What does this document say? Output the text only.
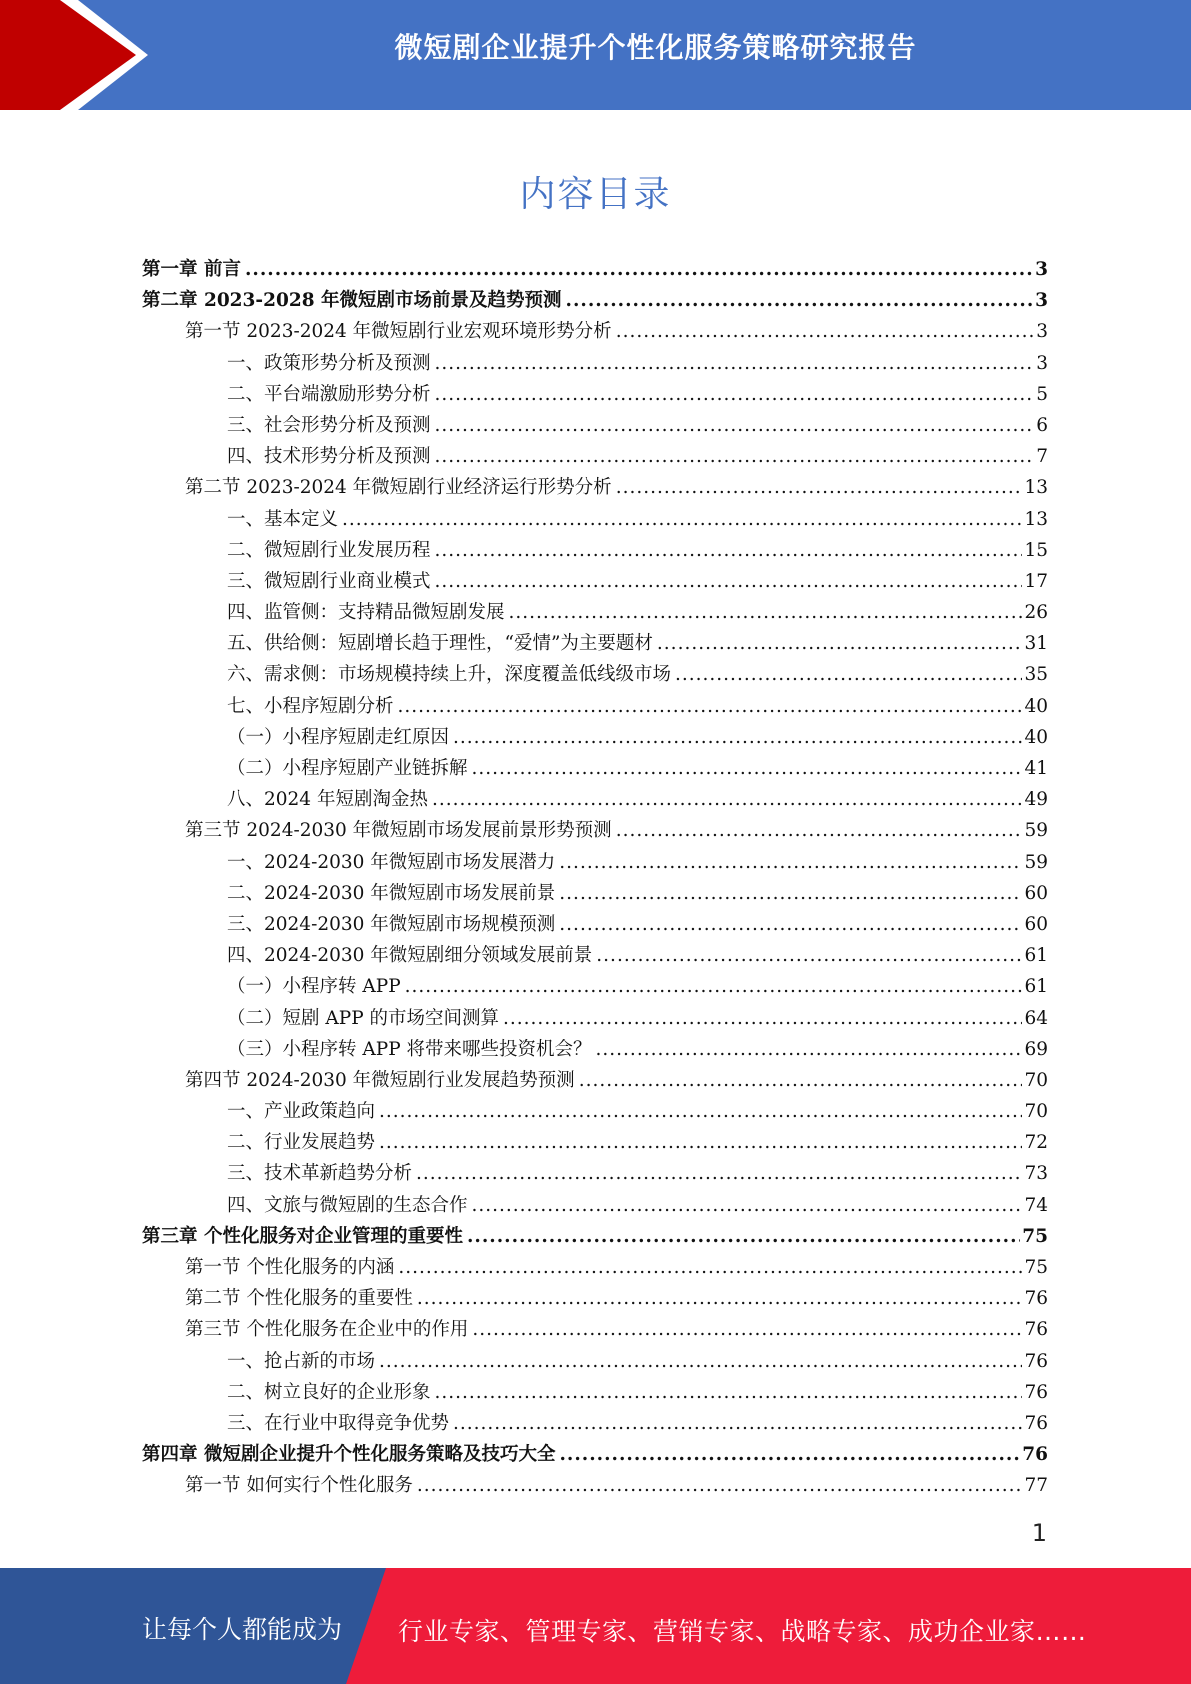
微短剧企业提升个性化服务策略研究报告
内容目录
第一章 前言 .....	3
第二章 2023-2028 年微短剧市场前景及趋势预测 .....	3
第一节 2023-2024 年微短剧行业宏观环境形势分析 .....	3
一、政策形势分析及预测 .....	3
二、平台端激励形势分析 .....	5
三、社会形势分析及预测 .....	6
四、技术形势分析及预测 .....	7
第二节 2023-2024 年微短剧行业经济运行形势分析 .....	13
一、基本定义 .....	13
二、微短剧行业发展历程 .....	15
三、微短剧行业商业模式 .....	17
四、监管侧：支持精品微短剧发展 .....	26
五、供给侧：短剧增长趋于理性，“爱情”为主要题材 .....	31
六、需求侧：市场规模持续上升，深度覆盖低线级市场 .....	35
七、小程序短剧分析 .....	40
（一）小程序短剧走红原因 .....	40
（二）小程序短剧产业链拆解 .....	41
八、2024 年短剧淘金热 .....	49
第三节 2024-2030 年微短剧市场发展前景形势预测 .....	59
一、2024-2030 年微短剧市场发展潜力 .....	59
二、2024-2030 年微短剧市场发展前景 .....	60
三、2024-2030 年微短剧市场规模预测 .....	60
四、2024-2030 年微短剧细分领域发展前景 .....	61
（一）小程序转 APP .....	61
（二）短剧 APP 的市场空间测算 .....	64
（三）小程序转 APP 将带来哪些投资机会？ .....	69
第四节 2024-2030 年微短剧行业发展趋势预测 .....	70
一、产业政策趋向 .....	70
二、行业发展趋势 .....	72
三、技术革新趋势分析 .....	73
四、文旅与微短剧的生态合作 .....	74
第三章 个性化服务对企业管理的重要性 .....	75
第一节 个性化服务的内涵 .....	75
第二节 个性化服务的重要性 .....	76
第三节 个性化服务在企业中的作用 .....	76
一、抢占新的市场 .....	76
二、树立良好的企业形象 .....	76
三、在行业中取得竞争优势 .....	76
第四章 微短剧企业提升个性化服务策略及技巧大全 .....	76
第一节 如何实行个性化服务 .....	77
1
让每个人都能成为 行业专家、管理专家、营销专家、战略专家、成功企业家……
